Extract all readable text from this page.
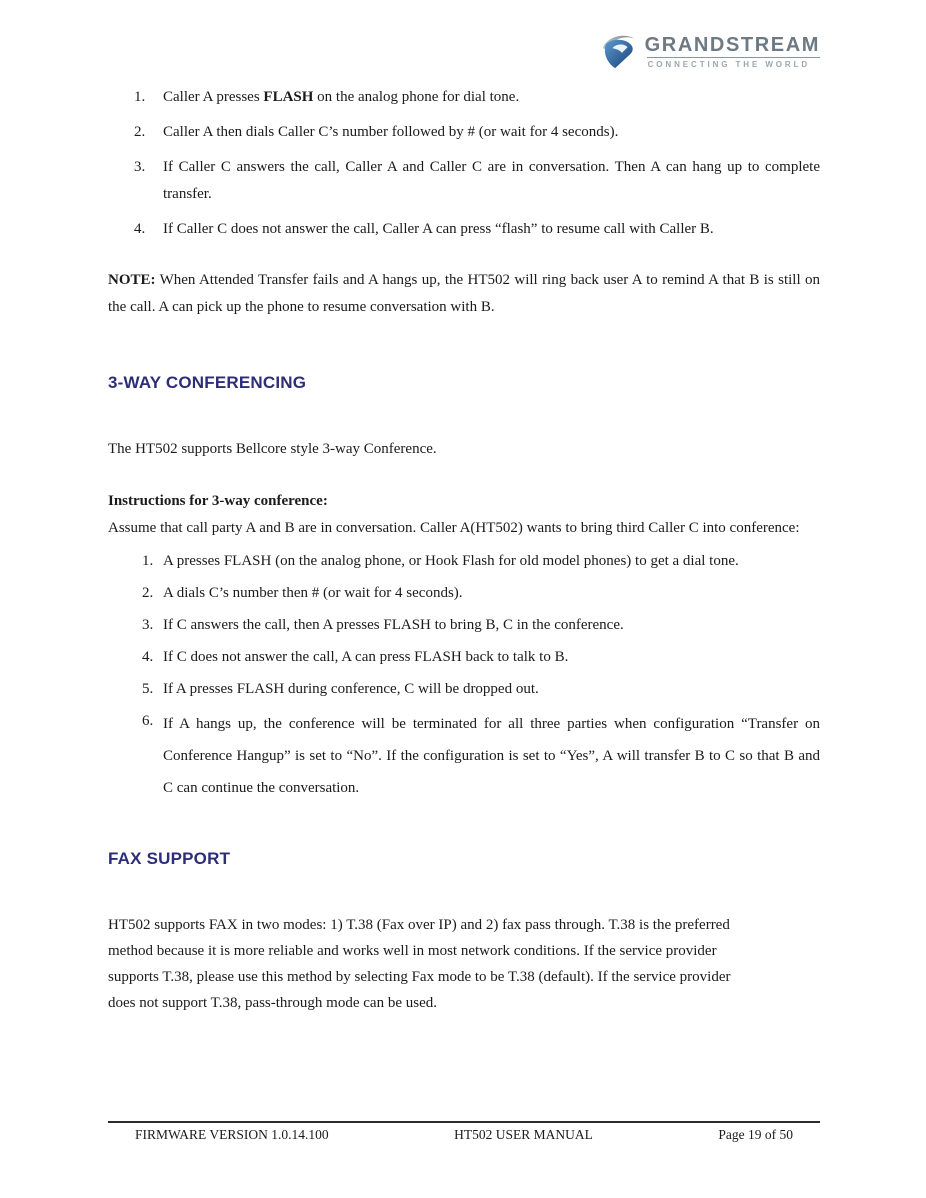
GRANDSTREAM
CONNECTING THE WORLD
1.	Caller A presses FLASH on the analog phone for dial tone.
2.	Caller A then dials Caller C’s number followed by # (or wait for 4 seconds).
3.	If Caller C answers the call, Caller A and Caller C are in conversation. Then A can hang up to complete transfer.
4.	If Caller C does not answer the call, Caller A can press “flash” to resume call with Caller B.

NOTE: When Attended Transfer fails and A hangs up, the HT502 will ring back user A to remind A that B is still on the call. A can pick up the phone to resume conversation with B.

3-WAY CONFERENCING

The HT502 supports Bellcore style 3-way Conference.

Instructions for 3-way conference:
Assume that call party A and B are in conversation. Caller A(HT502) wants to bring third Caller C into conference:
1. A presses FLASH (on the analog phone, or Hook Flash for old model phones) to get a dial tone.
2. A dials C’s number then # (or wait for 4 seconds).
3. If C answers the call, then A presses FLASH to bring B, C in the conference.
4. If C does not answer the call, A can press FLASH back to talk to B.
5. If A presses FLASH during conference, C will be dropped out.
6. If A hangs up, the conference will be terminated for all three parties when configuration “Transfer on Conference Hangup” is set to “No”. If the configuration is set to “Yes”, A will transfer B to C so that B and C can continue the conversation.
FAX SUPPORT

HT502 supports FAX in two modes: 1) T.38 (Fax over IP) and 2) fax pass through. T.38 is the preferred method because it is more reliable and works well in most network conditions. If the service provider supports T.38, please use this method by selecting Fax mode to be T.38 (default). If the service provider does not support T.38, pass-through mode can be used.

FIRMWARE VERSION 1.0.14.100	HT502 USER MANUAL	Page 19 of 50
